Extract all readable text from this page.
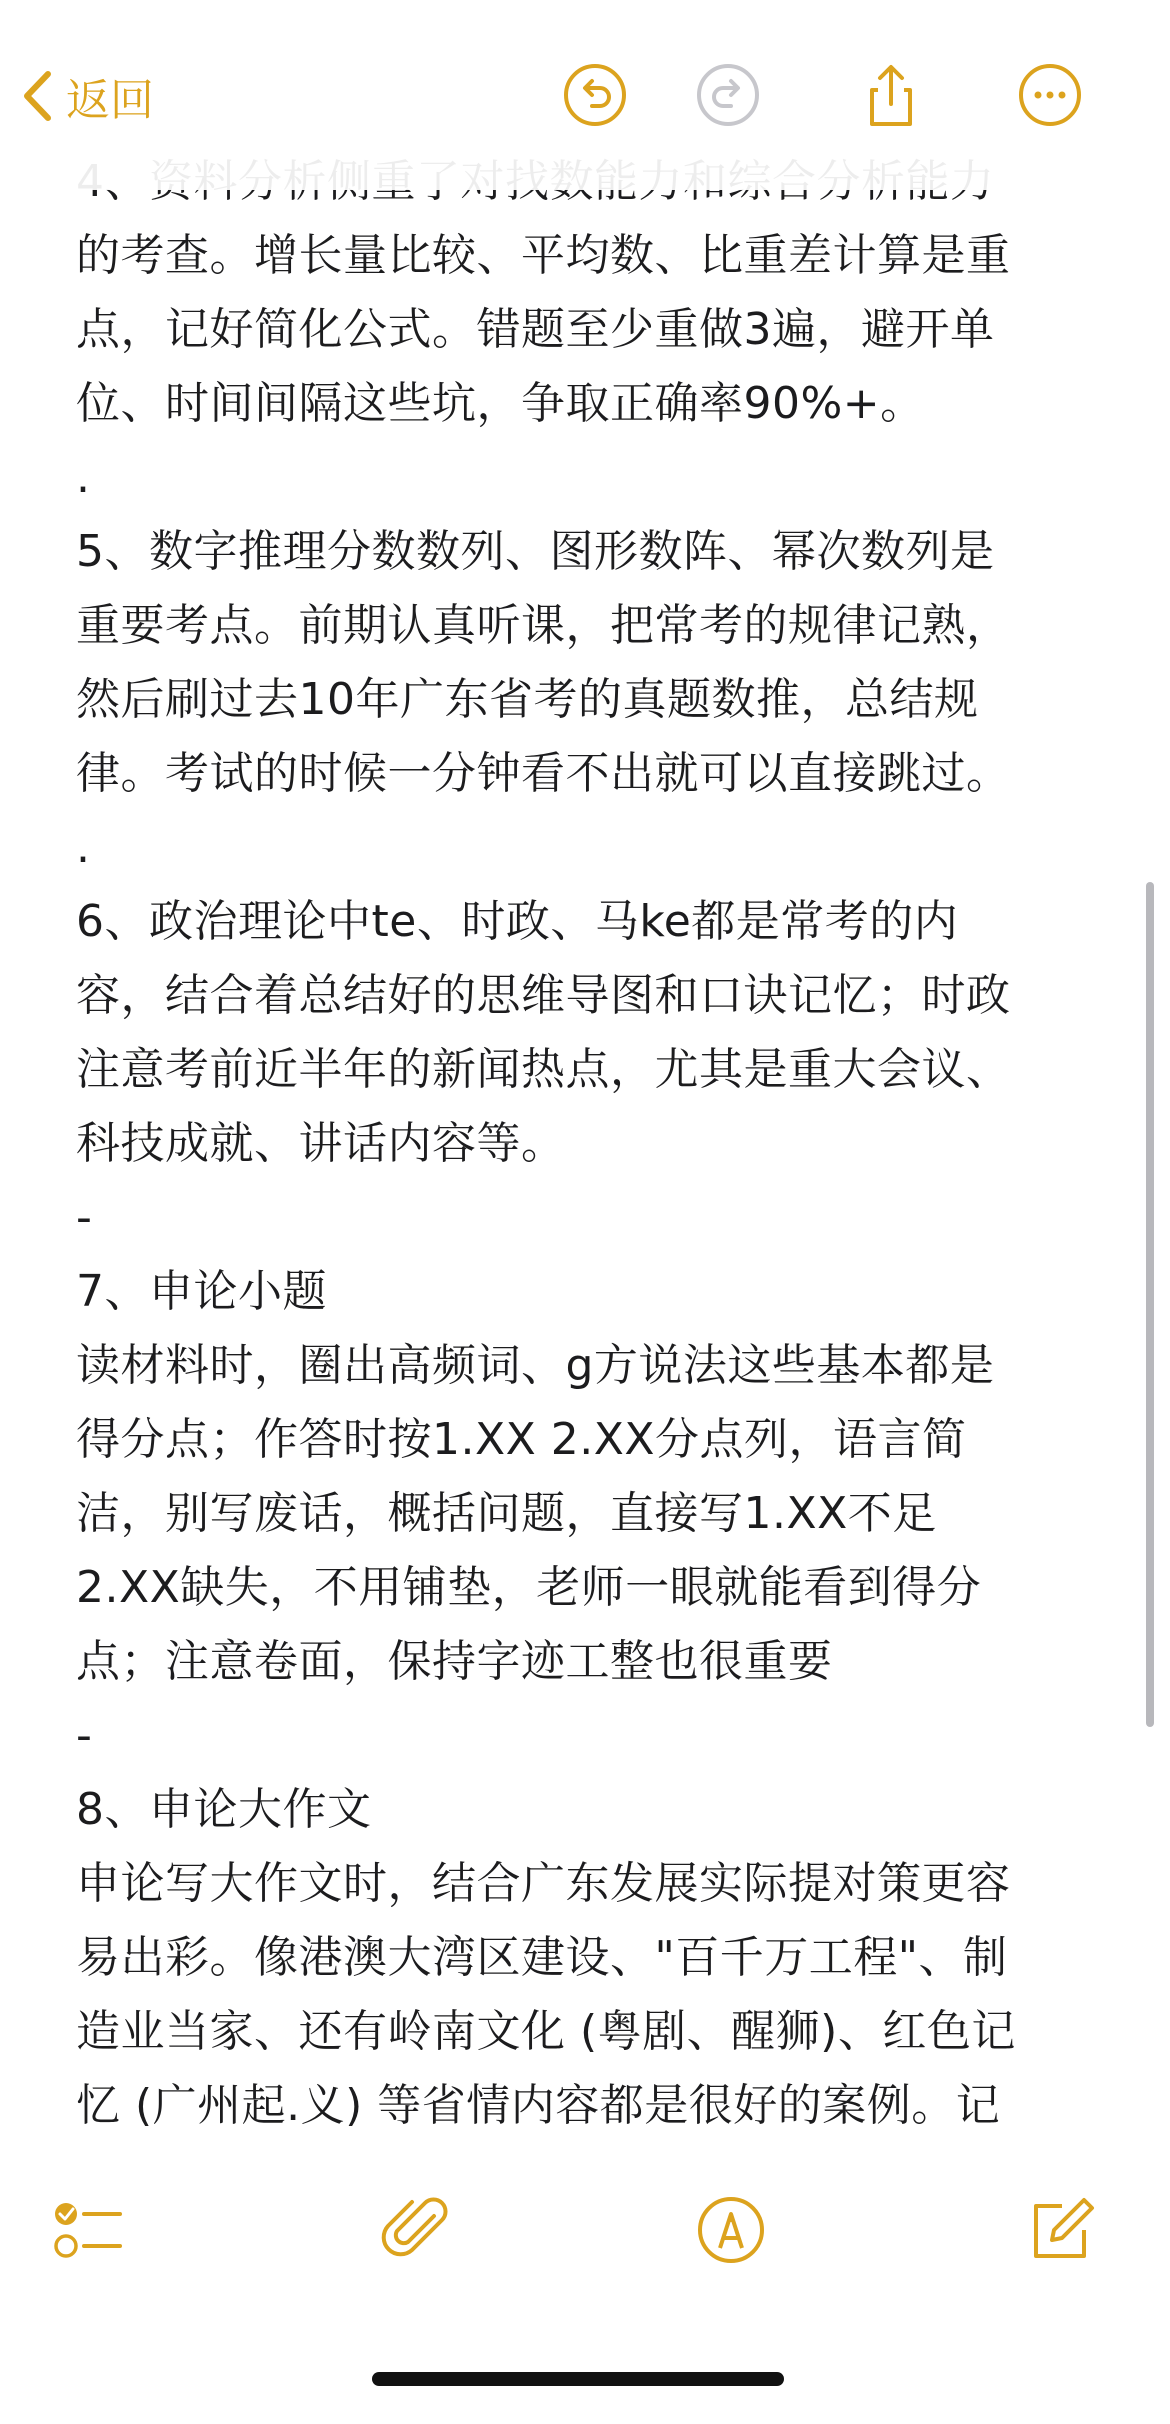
返回
的考查。增长量比较、平均数、比重差计算是重
点，记好简化公式。错题至少重做3遍，避开单
位、时间间隔这些坑，争取正确率90%+。
.
5、数字推理分数数列、图形数阵、幂次数列是
重要考点。前期认真听课，把常考的规律记熟，
然后刷过去10年广东省考的真题数推，总结规
律。考试的时候一分钟看不出就可以直接跳过。
.
6、政治理论中te、时政、马ke都是常考的内
容，结合着总结好的思维导图和口诀记忆；时政
注意考前近半年的新闻热点，尤其是重大会议、
科技成就、讲话内容等。
-
7、申论小题
读材料时，圈出高频词、g方说法这些基本都是
得分点；作答时按1.XX 2.XX分点列，语言简
洁，别写废话，概括问题，直接写1.XX不足
2.XX缺失，不用铺垫，老师一眼就能看到得分
点；注意卷面，保持字迹工整也很重要
-
8、申论大作文
申论写大作文时，结合广东发展实际提对策更容
易出彩。像港澳大湾区建设、"百千万工程"、制
造业当家、还有岭南文化 (粤剧、醒狮)、红色记
忆 (广州起.义) 等省情内容都是很好的案例。记
